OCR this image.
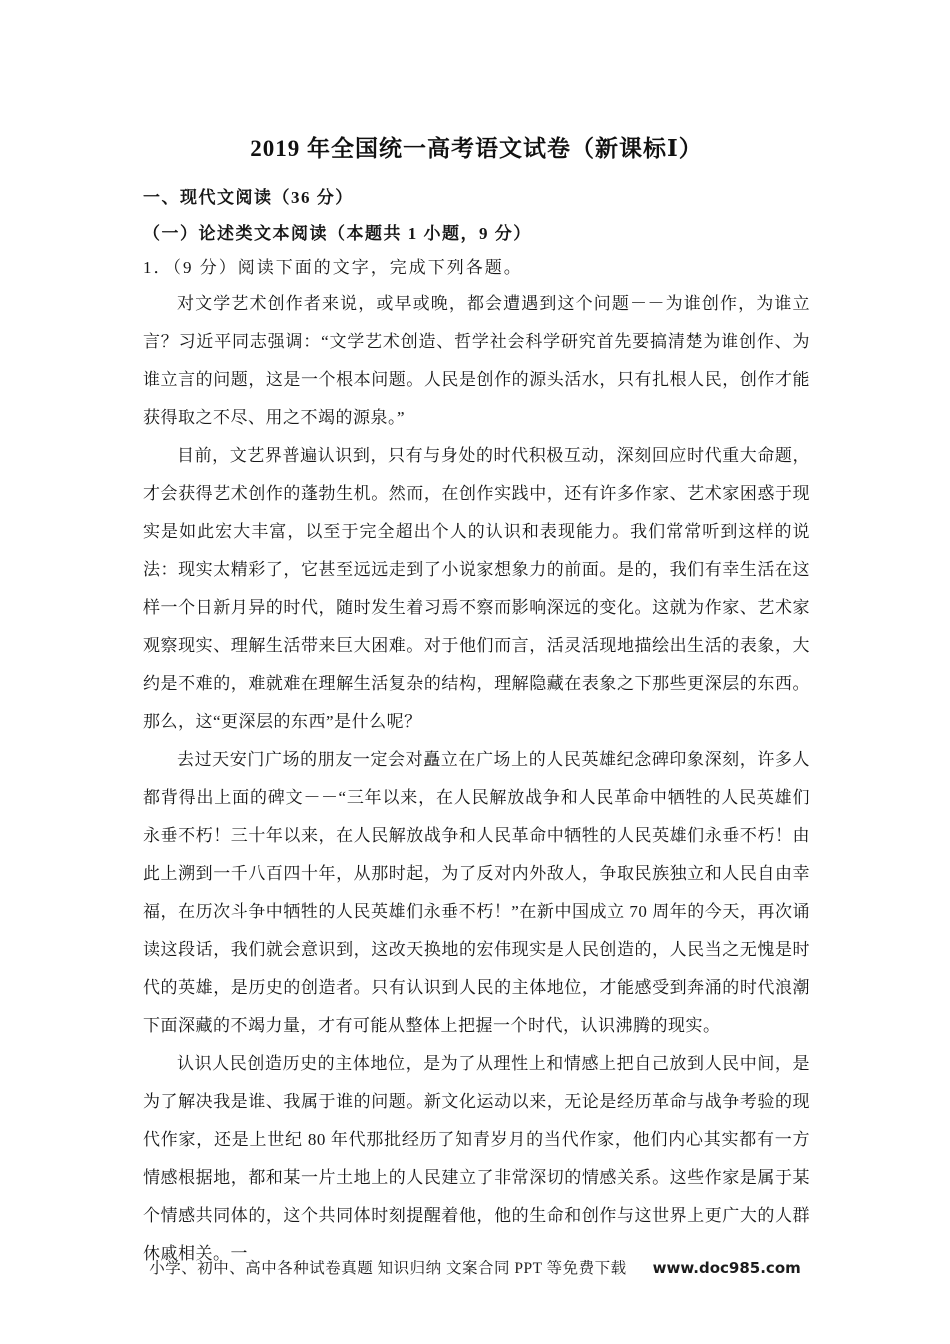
2019 年全国统一高考语文试卷（新课标Ⅰ）
一、现代文阅读（36 分）
（一）论述类文本阅读（本题共 1 小题，9 分）
1．（9 分）阅读下面的文字，完成下列各题。

对文学艺术创作者来说，或早或晚，都会遭遇到这个问题－－为谁创作，为谁立言？习近平同志强调：“文学艺术创造、哲学社会科学研究首先要搞清楚为谁创作、为谁立言的问题，这是一个根本问题。人民是创作的源头活水，只有扎根人民，创作才能获得取之不尽、用之不竭的源泉。”

目前，文艺界普遍认识到，只有与身处的时代积极互动，深刻回应时代重大命题，才会获得艺术创作的蓬勃生机。然而，在创作实践中，还有许多作家、艺术家困惑于现实是如此宏大丰富，以至于完全超出个人的认识和表现能力。我们常常听到这样的说法：现实太精彩了，它甚至远远走到了小说家想象力的前面。是的，我们有幸生活在这样一个日新月异的时代，随时发生着习焉不察而影响深远的变化。这就为作家、艺术家观察现实、理解生活带来巨大困难。对于他们而言，活灵活现地描绘出生活的表象，大约是不难的，难就难在理解生活复杂的结构，理解隐藏在表象之下那些更深层的东西。那么，这“更深层的东西”是什么呢？

去过天安门广场的朋友一定会对矗立在广场上的人民英雄纪念碑印象深刻，许多人都背得出上面的碑文－－“三年以来，在人民解放战争和人民革命中牺牲的人民英雄们永垂不朽！三十年以来，在人民解放战争和人民革命中牺牲的人民英雄们永垂不朽！由此上溯到一千八百四十年，从那时起，为了反对内外敌人，争取民族独立和人民自由幸福，在历次斗争中牺牲的人民英雄们永垂不朽！”在新中国成立 70 周年的今天，再次诵读这段话，我们就会意识到，这改天换地的宏伟现实是人民创造的，人民当之无愧是时代的英雄，是历史的创造者。只有认识到人民的主体地位，才能感受到奔涌的时代浪潮下面深藏的不竭力量，才有可能从整体上把握一个时代，认识沸腾的现实。

认识人民创造历史的主体地位，是为了从理性上和情感上把自己放到人民中间，是为了解决我是谁、我属于谁的问题。新文化运动以来，无论是经历革命与战争考验的现代作家，还是上世纪 80 年代那批经历了知青岁月的当代作家，他们内心其实都有一方情感根据地，都和某一片土地上的人民建立了非常深切的情感关系。这些作家是属于某个情感共同体的，这个共同体时刻提醒着他，他的生命和创作与这世界上更广大的人群休戚相关。一

小学、初中、高中各种试卷真题 知识归纳 文案合同 PPT 等免费下载 www.doc985.com
